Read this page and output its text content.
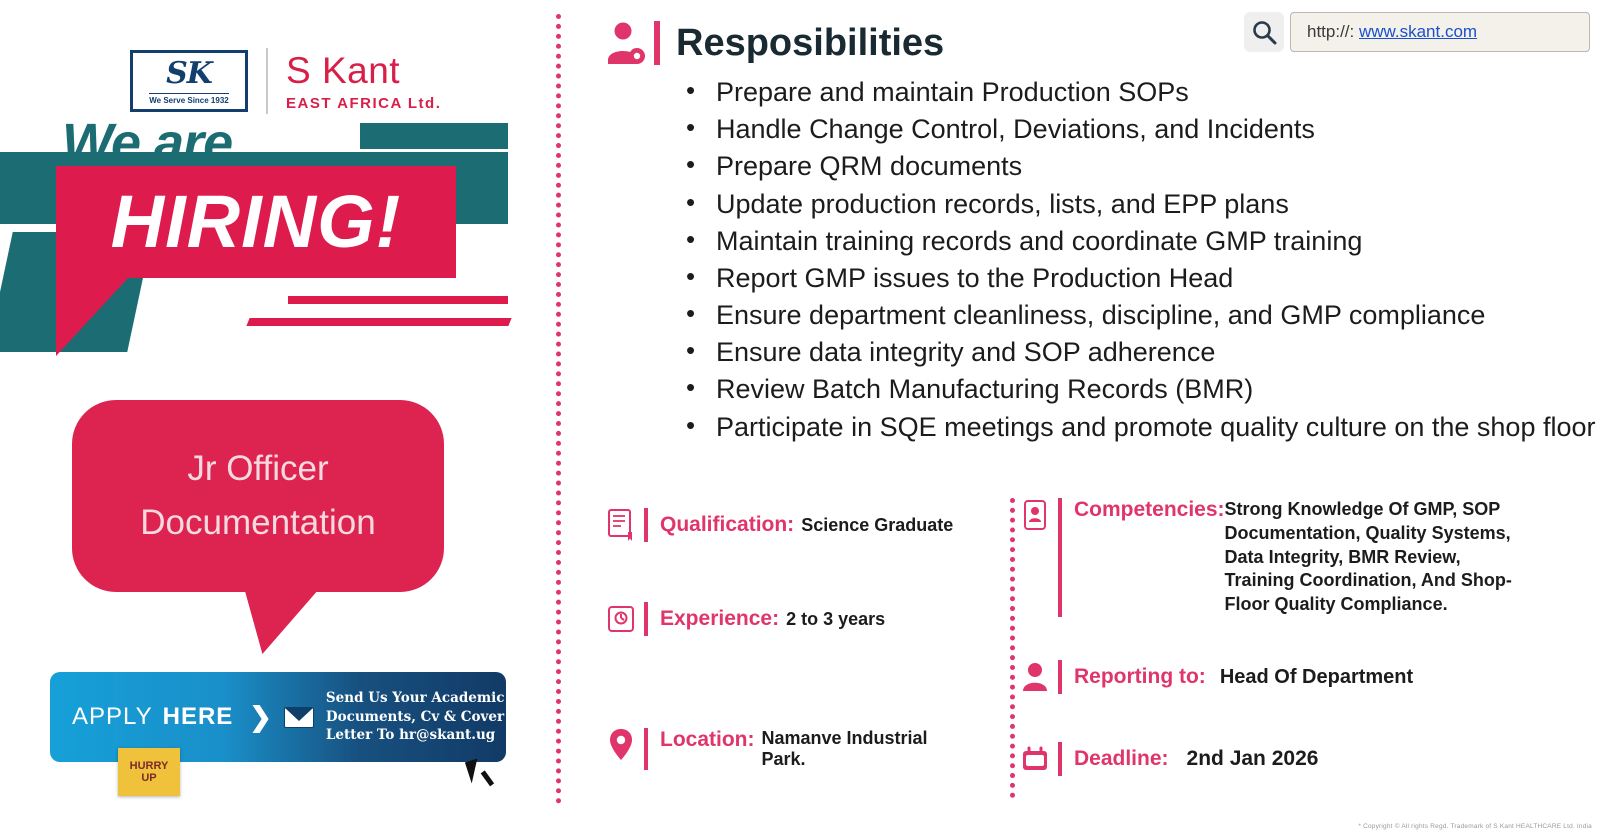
SK
We Serve Since 1932
S Kant
EAST AFRICA Ltd.
We are
HIRING!
Jr Officer
Documentation
APPLY HERE ❯
Send Us Your Academic
Documents, Cv & Cover
Letter To hr@skant.ug
HURRY
UP
http://: www.skant.com
Resposibilities
• Prepare and maintain Production SOPs
• Handle Change Control, Deviations, and Incidents
• Prepare QRM documents
• Update production records, lists, and EPP plans
• Maintain training records and coordinate GMP training
• Report GMP issues to the Production Head
• Ensure department cleanliness, discipline, and GMP compliance
• Ensure data integrity and SOP adherence
• Review Batch Manufacturing Records (BMR)
• Participate in SQE meetings and promote quality culture on the shop floor
Qualification: Science Graduate
Experience: 2 to 3 years
Location: Namanve Industrial Park.
Competencies: Strong Knowledge Of GMP, SOP Documentation, Quality Systems, Data Integrity, BMR Review, Training Coordination, And Shop-Floor Quality Compliance.
Reporting to: Head Of Department
Deadline: 2nd Jan 2026
* Copyright © All rights Regd. Trademark of S Kant HEALTHCARE Ltd. India
